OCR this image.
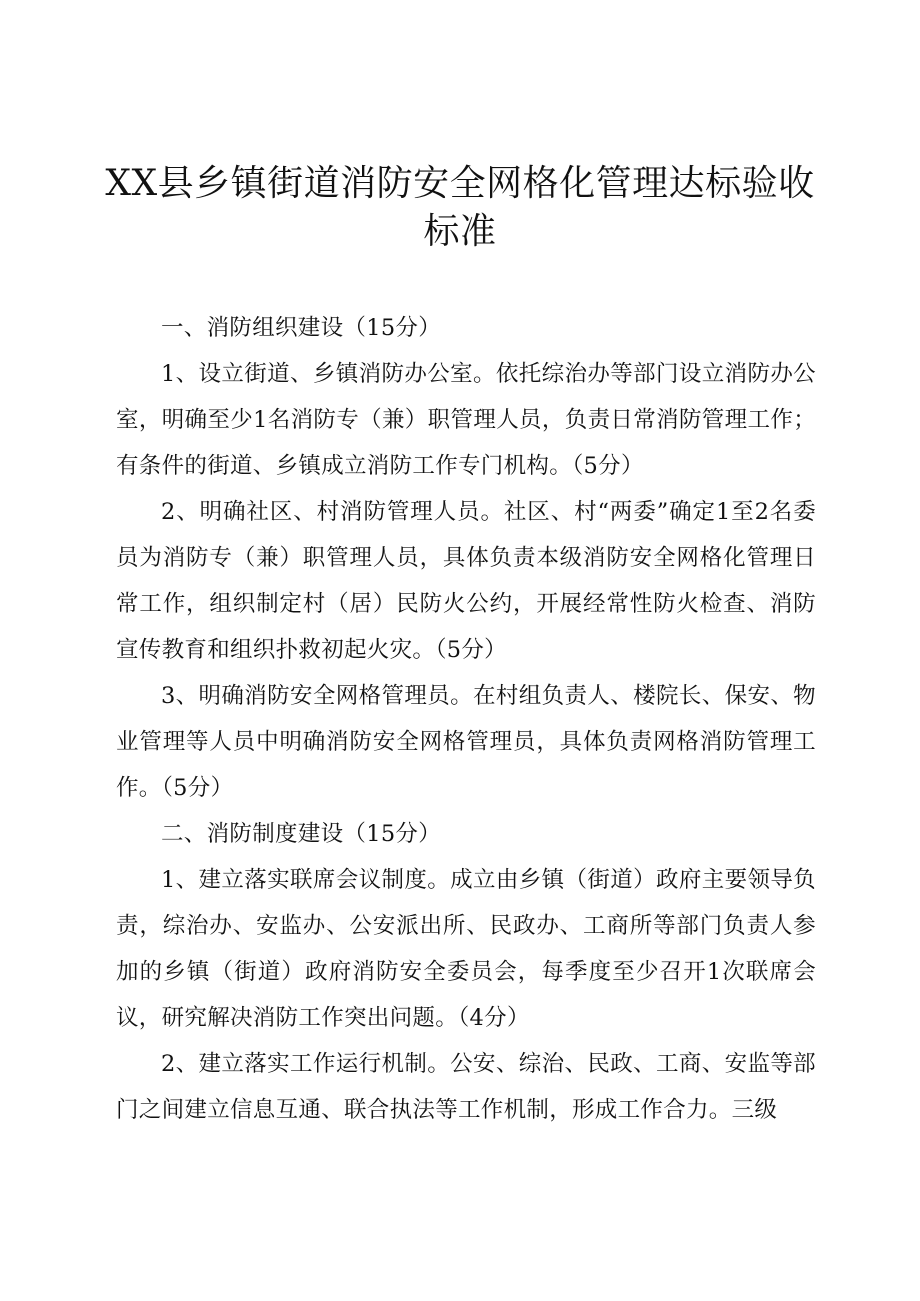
XX县乡镇街道消防安全网格化管理达标验收
标准

一、消防组织建设（15分）

1、设立街道、乡镇消防办公室。依托综治办等部门设立消防办公室，明确至少1名消防专（兼）职管理人员，负责日常消防管理工作；有条件的街道、乡镇成立消防工作专门机构。（5分）

2、明确社区、村消防管理人员。社区、村“两委”确定1至2名委员为消防专（兼）职管理人员，具体负责本级消防安全网格化管理日常工作，组织制定村（居）民防火公约，开展经常性防火检查、消防宣传教育和组织扑救初起火灾。（5分）

3、明确消防安全网格管理员。在村组负责人、楼院长、保安、物业管理等人员中明确消防安全网格管理员，具体负责网格消防管理工作。（5分）

二、消防制度建设（15分）

1、建立落实联席会议制度。成立由乡镇（街道）政府主要领导负责，综治办、安监办、公安派出所、民政办、工商所等部门负责人参加的乡镇（街道）政府消防安全委员会，每季度至少召开1次联席会议，研究解决消防工作突出问题。（4分）

2、建立落实工作运行机制。公安、综治、民政、工商、安监等部门之间建立信息互通、联合执法等工作机制，形成工作合力。三级
